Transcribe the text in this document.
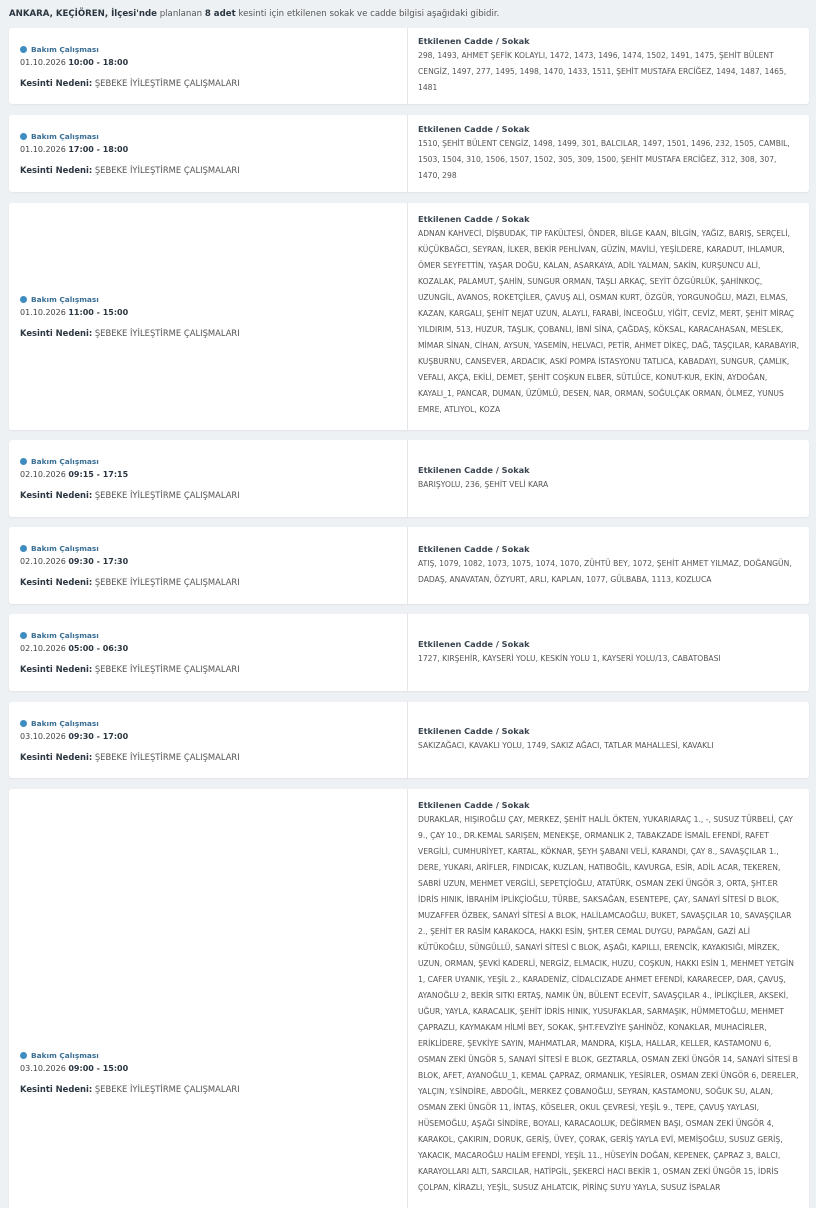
ANKARA, KEÇİÖREN, İlçesi'nde planlanan 8 adet kesinti için etkilenen sokak ve cadde bilgisi aşağıdaki gibidir.
Bakım Çalışması
01.10.2026 10:00 - 18:00
Kesinti Nedeni: ŞEBEKE İYİLEŞTİRME ÇALIŞMALARI
Etkilenen Cadde / Sokak
298, 1493, AHMET ŞEFİK KOLAYLI, 1472, 1473, 1496, 1474, 1502, 1491, 1475, ŞEHİT BÜLENT CENGİZ, 1497, 277, 1495, 1498, 1470, 1433, 1511, ŞEHİT MUSTAFA ERCİĞEZ, 1494, 1487, 1465, 1481
Bakım Çalışması
01.10.2026 17:00 - 18:00
Kesinti Nedeni: ŞEBEKE İYİLEŞTİRME ÇALIŞMALARI
Etkilenen Cadde / Sokak
1510, ŞEHİT BÜLENT CENGİZ, 1498, 1499, 301, BALCILAR, 1497, 1501, 1496, 232, 1505, CAMBIL, 1503, 1504, 310, 1506, 1507, 1502, 305, 309, 1500, ŞEHİT MUSTAFA ERCİĞEZ, 312, 308, 307, 1470, 298
Bakım Çalışması
01.10.2026 11:00 - 15:00
Kesinti Nedeni: ŞEBEKE İYİLEŞTİRME ÇALIŞMALARI
Etkilenen Cadde / Sokak
ADNAN KAHVECİ, DİŞBUDAK, TIP FAKÜLTESİ, ÖNDER, BİLGE KAAN, BİLGİN, YAĞIZ, BARIŞ, SERÇELİ, KÜÇÜKBAĞCI, SEYRAN, İLKER, BEKİR PEHLİVAN, GÜZİN, MAVİLİ, YEŞİLDERE, KARADUT, IHLAMUR, ÖMER SEYFETTİN, YAŞAR DOĞU, KALAN, ASARKAYA, ADİL YALMAN, SAKİN, KURŞUNCU ALİ, KOZALAK, PALAMUT, ŞAHİN, SUNGUR ORMAN, TAŞLI ARKAÇ, SEYİT ÖZGÜRLÜK, ŞAHİNKOÇ, UZUNGİL, AVANOS, ROKETÇİLER, ÇAVUŞ ALİ, OSMAN KURT, ÖZGÜR, YORGUNOĞLU, MAZI, ELMAS, KAZAN, KARGALI, ŞEHİT NEJAT UZUN, ALAYLI, FARABİ, İNCEOĞLU, YİĞİT, CEVİZ, MERT, ŞEHİT MİRAÇ YILDIRIM, 513, HUZUR, TAŞLIK, ÇOBANLI, İBNİ SİNA, ÇAĞDAŞ, KÖKSAL, KARACAHASAN, MESLEK, MİMAR SİNAN, CİHAN, AYSUN, YASEMİN, HELVACI, PETİR, AHMET DİKEÇ, DAĞ, TAŞÇILAR, KARABAYIR, KUŞBURNU, CANSEVER, ARDACIK, ASKİ POMPA İSTASYONU TATLICA, KABADAYI, SUNGUR, ÇAMLIK, VEFALI, AKÇA, EKİLİ, DEMET, ŞEHİT COŞKUN ELBER, SÜTLÜCE, KONUT-KUR, EKİN, AYDOĞAN, KAYALI_1, PANCAR, DUMAN, ÜZÜMLÜ, DESEN, NAR, ORMAN, SOĞULÇAK ORMAN, ÖLMEZ, YUNUS EMRE, ATLIYOL, KOZA
Bakım Çalışması
02.10.2026 09:15 - 17:15
Kesinti Nedeni: ŞEBEKE İYİLEŞTİRME ÇALIŞMALARI
Etkilenen Cadde / Sokak
BARIŞYOLU, 236, ŞEHİT VELİ KARA
Bakım Çalışması
02.10.2026 09:30 - 17:30
Kesinti Nedeni: ŞEBEKE İYİLEŞTİRME ÇALIŞMALARI
Etkilenen Cadde / Sokak
ATIŞ, 1079, 1082, 1073, 1075, 1074, 1070, ZÜHTÜ BEY, 1072, ŞEHİT AHMET YILMAZ, DOĞANGÜN, DADAŞ, ANAVATAN, ÖZYURT, ARLI, KAPLAN, 1077, GÜLBABA, 1113, KOZLUCA
Bakım Çalışması
02.10.2026 05:00 - 06:30
Kesinti Nedeni: ŞEBEKE İYİLEŞTİRME ÇALIŞMALARI
Etkilenen Cadde / Sokak
1727, KIRŞEHİR, KAYSERİ YOLU, KESKİN YOLU 1, KAYSERİ YOLU/13, CABATOBASI
Bakım Çalışması
03.10.2026 09:30 - 17:00
Kesinti Nedeni: ŞEBEKE İYİLEŞTİRME ÇALIŞMALARI
Etkilenen Cadde / Sokak
SAKIZAĞACI, KAVAKLI YOLU, 1749, SAKIZ AĞACI, TATLAR MAHALLESİ, KAVAKLI
Bakım Çalışması
03.10.2026 09:00 - 15:00
Kesinti Nedeni: ŞEBEKE İYİLEŞTİRME ÇALIŞMALARI
Etkilenen Cadde / Sokak
DURAKLAR, HIŞIROĞLU ÇAY, MERKEZ, ŞEHİT HALİL ÖKTEN, YUKARIARAÇ 1., -, SUSUZ TÜRBELİ, ÇAY 9., ÇAY 10., DR.KEMAL SARIŞEN, MENEKŞE, ORMANLIK 2, TABAKZADE İSMAİL EFENDİ, RAFET VERGİLİ, CUMHURİYET, KARTAL, KÖKNAR, ŞEYH ŞABANI VELİ, KARANDI, ÇAY 8., SAVAŞÇILAR 1., DERE, YUKARI, ARİFLER, FINDICAK, KUZLAN, HATIBOĞİL, KAVURGA, ESİR, ADİL ACAR, TEKEREN, SABRİ UZUN, MEHMET VERGİLİ, SEPETÇİOĞLU, ATATÜRK, OSMAN ZEKİ ÜNGÖR 3, ORTA, ŞHT.ER İDRİS HINIK, İBRAHİM İPLİKÇİOĞLU, TÜRBE, SAKSAĞAN, ESENTEPE, ÇAY, SANAYİ SİTESİ D BLOK, MUZAFFER ÖZBEK, SANAYİ SİTESİ A BLOK, HALİLAMCAOĞLU, BUKET, SAVAŞÇILAR 10, SAVAŞÇILAR 2., ŞEHİT ER RASİM KARAKOCA, HAKKI ESİN, ŞHT.ER CEMAL DUYGU, PAPAĞAN, GAZİ ALİ KÜTÜKOĞLU, SÜNGÜLLÜ, SANAYİ SİTESİ C BLOK, AŞAĞI, KAPILLI, ERENCİK, KAYAKISIĞI, MİRZEK, UZUN, ORMAN, ŞEVKİ KADERLİ, NERGİZ, ELMACIK, HUZU, COŞKUN, HAKKI ESİN 1, MEHMET YETGİN 1, CAFER UYANIK, YEŞİL 2., KARADENİZ, CİDALCIZADE AHMET EFENDİ, KARARECEP, DAR, ÇAVUŞ, AYANOĞLU 2, BEKİR SITKI ERTAŞ, NAMIK ÜN, BÜLENT ECEVİT, SAVAŞÇILAR 4., İPLİKÇİLER, AKSEKİ, UĞUR, YAYLA, KARACALIK, ŞEHİT İDRİS HINIK, YUSUFAKLAR, SARMAŞIK, HÜMMETOĞLU, MEHMET ÇAPRAZLI, KAYMAKAM HİLMİ BEY, SOKAK, ŞHT.FEVZİYE ŞAHİNÖZ, KONAKLAR, MUHACİRLER, ERİKLİDERE, ŞEVKİYE SAYIN, MAHMATLAR, MANDRA, KIŞLA, HALLAR, KELLER, KASTAMONU 6, OSMAN ZEKİ ÜNGÖR 5, SANAYİ SİTESİ E BLOK, GEZTARLA, OSMAN ZEKİ ÜNGÖR 14, SANAYİ SİTESİ B BLOK, AFET, AYANOĞLU_1, KEMAL ÇAPRAZ, ORMANLIK, YESİRLER, OSMAN ZEKİ ÜNGÖR 6, DERELER, YALÇIN, Y.SİNDİRE, ABDOĞİL, MERKEZ ÇOBANOĞLU, SEYRAN, KASTAMONU, SOĞUK SU, ALAN, OSMAN ZEKİ ÜNGÖR 11, İNTAŞ, KÖSELER, OKUL ÇEVRESİ, YEŞİL 9., TEPE, ÇAVUŞ YAYLASI, HÜSEMOĞLU, AŞAĞI SİNDİRE, BOYALI, KARACAOLUK, DEĞİRMEN BAŞI, OSMAN ZEKİ ÜNGÖR 4, KARAKOL, ÇAKIRIN, DORUK, GERİŞ, ÜVEY, ÇORAK, GERİŞ YAYLA EVİ, MEMİŞOĞLU, SUSUZ GERİŞ, YAKACIK, MACAROĞLU HALİM EFENDİ, YEŞİL 11., HÜSEYİN DOĞAN, KEPENEK, ÇAPRAZ 3, BALCI, KARAYOLLARI ALTI, SARCILAR, HATİPGİL, ŞEKERCİ HACI BEKİR 1, OSMAN ZEKİ ÜNGÖR 15, İDRİS ÇOLPAN, KİRAZLI, YEŞİL, SUSUZ AHLATCIK, PİRİNÇ SUYU YAYLA, SUSUZ İSPALAR
